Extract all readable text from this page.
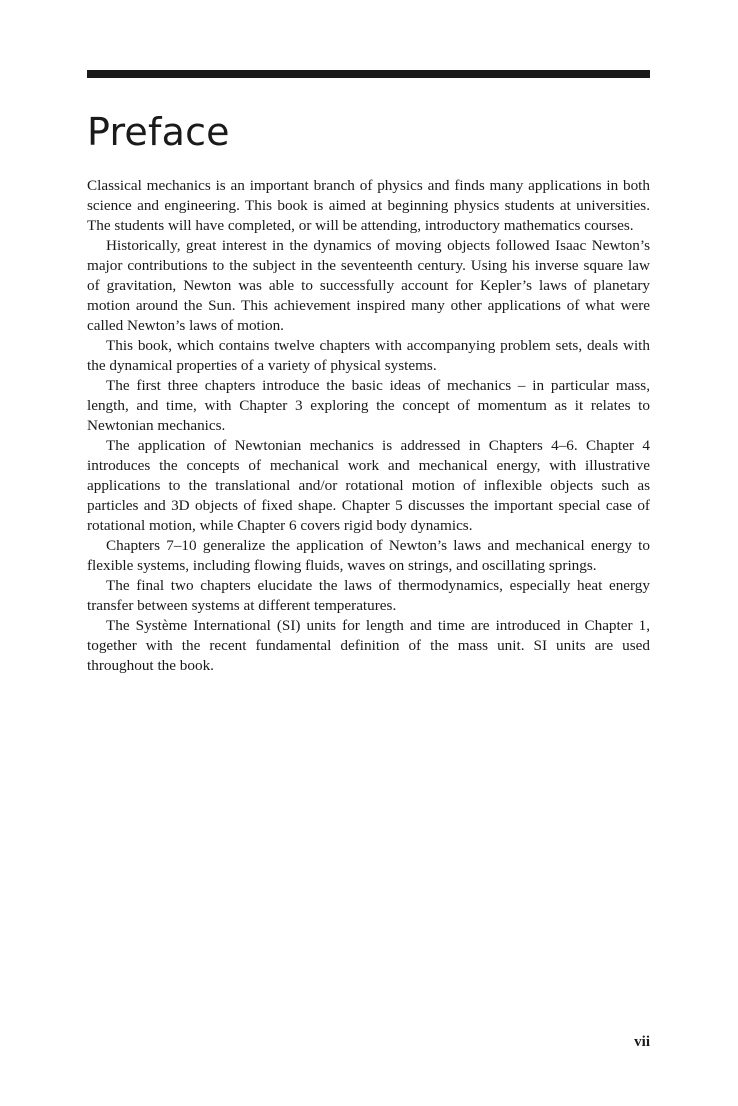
Preface

Classical mechanics is an important branch of physics and finds many applications in both science and engineering. This book is aimed at beginning physics students at universities. The students will have completed, or will be attending, introductory mathematics courses.

Historically, great interest in the dynamics of moving objects followed Isaac Newton’s major contributions to the subject in the seventeenth century. Using his inverse square law of gravitation, Newton was able to successfully account for Kepler’s laws of planetary motion around the Sun. This achievement inspired many other applications of what were called Newton’s laws of motion.

This book, which contains twelve chapters with accompanying problem sets, deals with the dynamical properties of a variety of physical systems.

The first three chapters introduce the basic ideas of mechanics – in particular mass, length, and time, with Chapter 3 exploring the concept of momentum as it relates to Newtonian mechanics.

The application of Newtonian mechanics is addressed in Chapters 4–6. Chapter 4 introduces the concepts of mechanical work and mechanical energy, with illustrative applications to the translational and/or rotational motion of inflexible objects such as particles and 3D objects of fixed shape. Chapter 5 discusses the important special case of rotational motion, while Chapter 6 covers rigid body dynamics.

Chapters 7–10 generalize the application of Newton’s laws and mechanical energy to flexible systems, including flowing fluids, waves on strings, and oscillating springs.

The final two chapters elucidate the laws of thermodynamics, especially heat energy transfer between systems at different temperatures.

The Système International (SI) units for length and time are introduced in Chapter 1, together with the recent fundamental definition of the mass unit. SI units are used throughout the book.

vii
